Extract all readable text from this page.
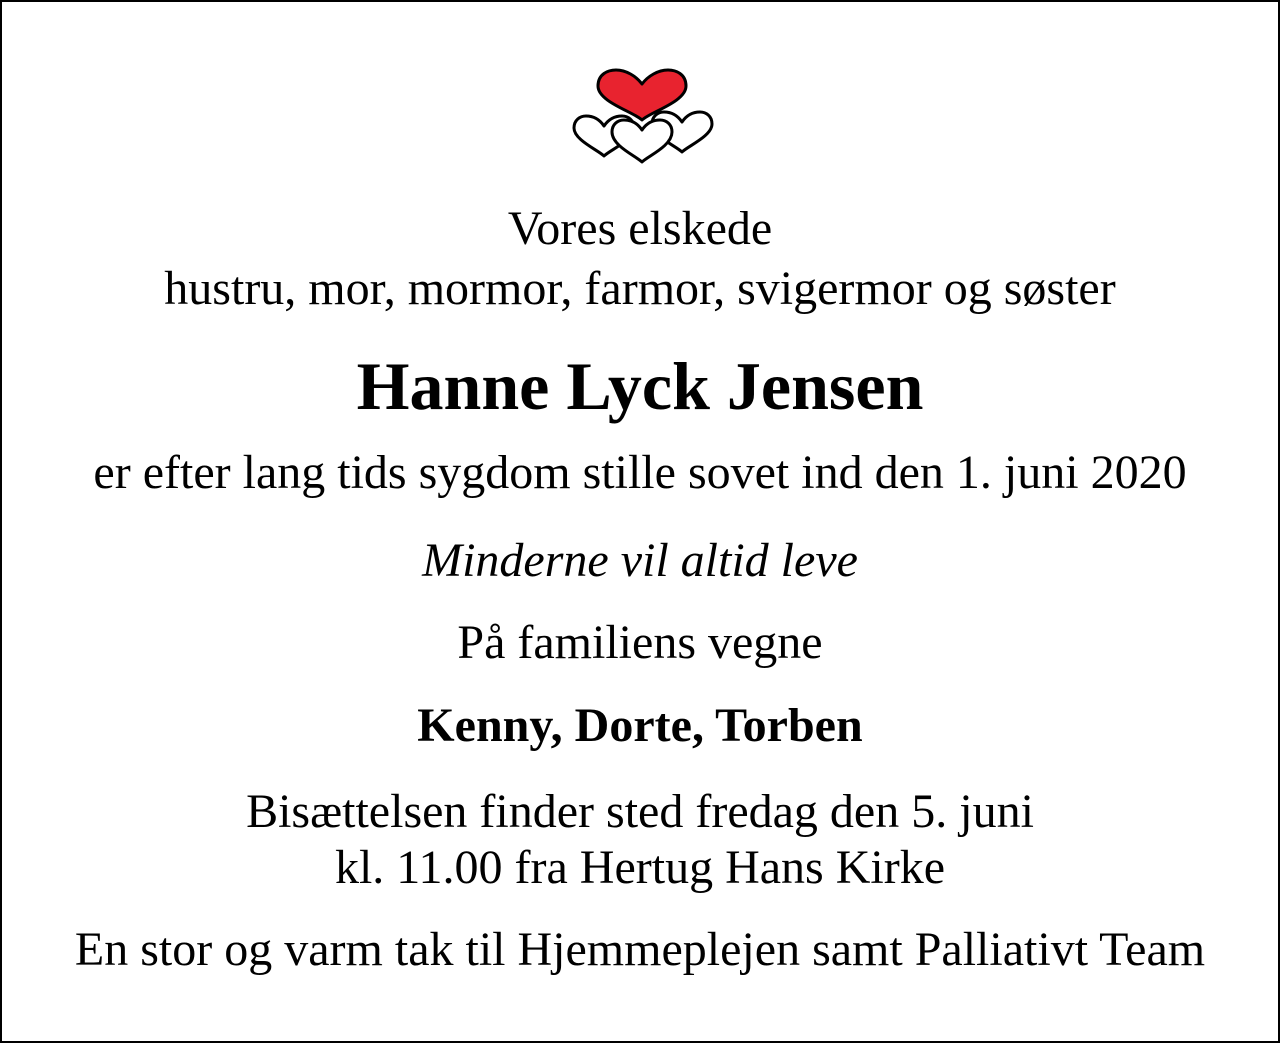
Vores elskede
hustru, mor, mormor, farmor, svigermor og søster
Hanne Lyck Jensen
er efter lang tids sygdom stille sovet ind den 1. juni 2020
Minderne vil altid leve
På familiens vegne
Kenny, Dorte, Torben
Bisættelsen finder sted fredag den 5. juni
kl. 11.00 fra Hertug Hans Kirke
En stor og varm tak til Hjemmeplejen samt Palliativt Team
